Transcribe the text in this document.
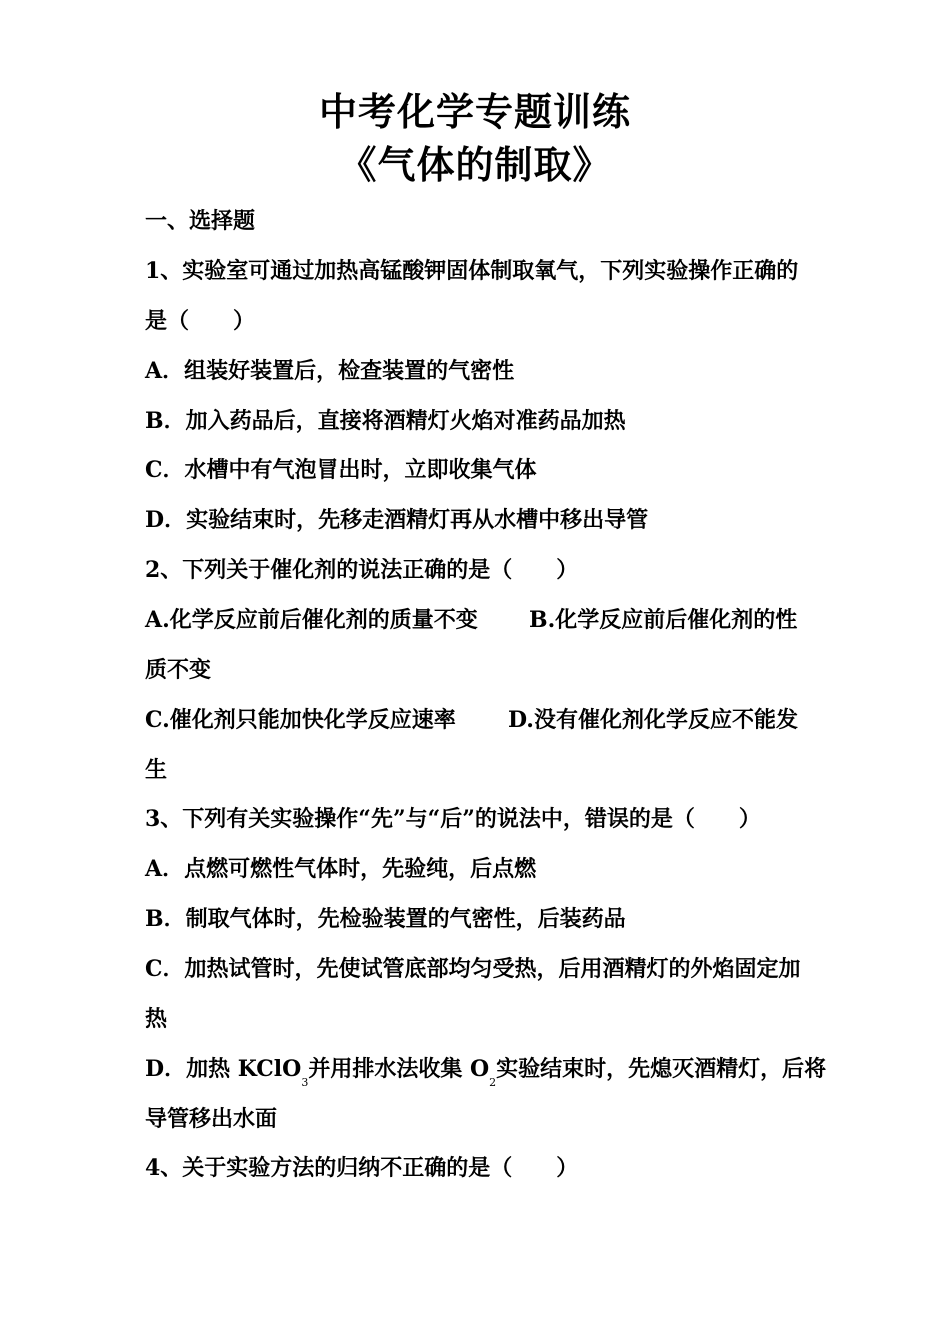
中考化学专题训练
《气体的制取》
一、选择题
1、实验室可通过加热高锰酸钾固体制取氧气，下列实验操作正确的
是（　　）
A．组装好装置后，检查装置的气密性
B．加入药品后，直接将酒精灯火焰对准药品加热
C．水槽中有气泡冒出时，立即收集气体
D．实验结束时，先移走酒精灯再从水槽中移出导管
2、下列关于催化剂的说法正确的是（　　）
A.化学反应前后催化剂的质量不变	B.化学反应前后催化剂的性
质不变
C.催化剂只能加快化学反应速率	D.没有催化剂化学反应不能发
生
3、下列有关实验操作“先”与“后”的说法中，错误的是（　　）
A．点燃可燃性气体时，先验纯，后点燃
B．制取气体时，先检验装置的气密性，后装药品
C．加热试管时，先使试管底部均匀受热，后用酒精灯的外焰固定加
热
D．加热 KClO$_3$并用排水法收集 $O_2$实验结束时，先熄灭酒精灯，后将
导管移出水面
4、关于实验方法的归纳不正确的是（　　）
